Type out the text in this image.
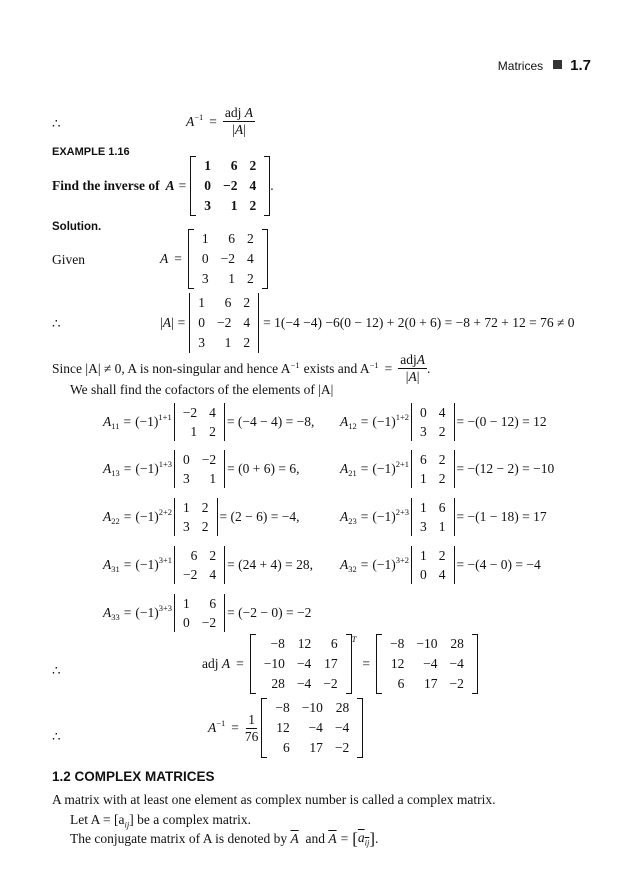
Matrices 1.7
∴	$A^{-1} = \frac{\text{adj A}}{|A|}$
EXAMPLE 1.16
Find the inverse of A =
1	6	2
0	−2	4
3	1	2
.
Solution.
Given	A =
1	6	2
0	−2	4
3	1	2
∴	|A| =
1	6	2
0	−2	4
3	1	2
= 1(−4 −4) −6(0 − 12) + 2(0 + 6) = −8 + 72 + 12 = 76 ≠ 0
Since |A| ≠ 0, A is non-singular and hence $A^{-1}$ exists and $A^{-1} = \frac{\text{adjA}}{|A|}$ .
We shall find the cofactors of the elements of |A|
$A_{11} = (-1)^{1+1} -2$	4
1	2
= (−4 − 4) = −8, $A_{12} = (-1)^{1+2}$ 0	4
3	2
= −(0 − 12) = 12
$A_{13} = (-1)^{1+3}$ 0	−2
3	1
= (0 + 6) = 6,	$A_{21} = (-1)^{2+1}$ 6	2
1	2
= −(12 − 2) = −10
$A_{22} = (-1)^{2+2}$ 1	2
3	2
= (2 − 6) = −4,	$A_{23} = (-1)^{2+3}$ 1	6
3	1
= −(1 − 18) = 17
$A_{31} = (-1)^{3+1}$ 6	2
−2	4
= (24 + 4) = 28, $A_{32} = (-1)^{3+2}$ 1	2
0	4
= −(4 − 0) = −4
$A_{33} = (-1)^{3+3}$ 1	6
0	−2
= (−2 − 0) = −2
∴	adj
A =
−8	12	6
−10	−4	17
28	−4	−2
$^T$
=
−8	−10	28
12	−4	−4
6	17	−2
∴
$A^{-1} = \frac{1}{76}$
−8	−10	28
12	−4	−4
6	17	−2
1.2 COMPLEX MATRICES
A matrix with at least one element as complex number is called a complex matrix.
Let $A = [a_{ij}]$ be a complex matrix.
The conjugate matrix of A is denoted by
$\overline{A}$
and
$\overline{A}$ = [ $a_{ij}$ ] .
